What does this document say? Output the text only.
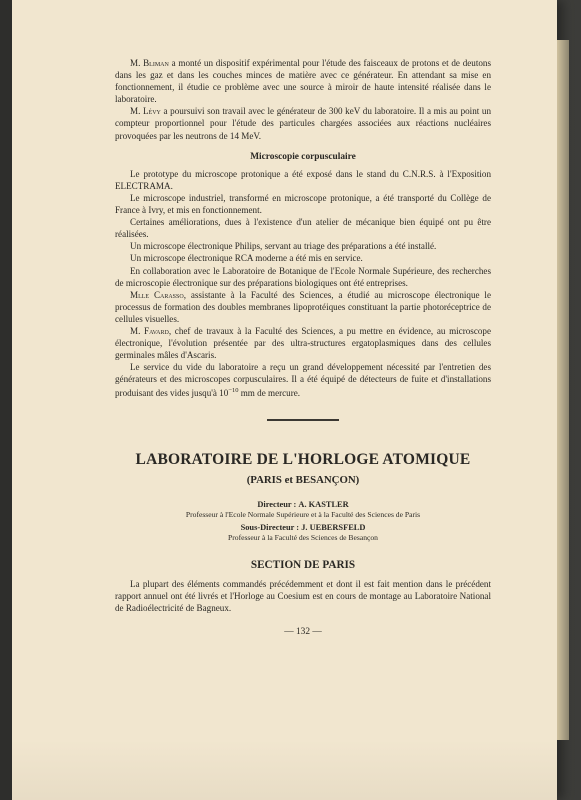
M. Bliman a monté un dispositif expérimental pour l'étude des faisceaux de protons et de deutons dans les gaz et dans les couches minces de matière avec ce générateur. En attendant sa mise en fonctionnement, il étudie ce problème avec une source à miroir de haute intensité réalisée dans le laboratoire.

M. Lévy a poursuivi son travail avec le générateur de 300 keV du laboratoire. Il a mis au point un compteur proportionnel pour l'étude des particules chargées associées aux réactions nucléaires provoquées par les neutrons de 14 MeV.

Microscopie corpusculaire

Le prototype du microscope protonique a été exposé dans le stand du C.N.R.S. à l'Exposition ELECTRAMA.

Le microscope industriel, transformé en microscope protonique, a été transporté du Collège de France à Ivry, et mis en fonctionnement.

Certaines améliorations, dues à l'existence d'un atelier de mécanique bien équipé ont pu être réalisées.

Un microscope électronique Philips, servant au triage des préparations a été installé.

Un microscope électronique RCA moderne a été mis en service.

En collaboration avec le Laboratoire de Botanique de l'Ecole Normale Supérieure, des recherches de microscopie électronique sur des préparations biologiques ont été entreprises.

Mlle Carasso, assistante à la Faculté des Sciences, a étudié au microscope électronique le processus de formation des doubles membranes lipoprotéiques constituant la partie photoréceptrice de cellules visuelles.

M. Favard, chef de travaux à la Faculté des Sciences, a pu mettre en évidence, au microscope électronique, l'évolution présentée par des ultra-structures ergatoplasmiques dans des cellules germinales mâles d'Ascaris.

Le service du vide du laboratoire a reçu un grand développement nécessité par l'entretien des générateurs et des microscopes corpusculaires. Il a été équipé de détecteurs de fuite et d'installations produisant des vides jusqu'à $10^{-10}$ mm de mercure.

LABORATOIRE DE L'HORLOGE ATOMIQUE
(PARIS et BESANÇON)
Directeur : A. KASTLER
Professeur à l'Ecole Normale Supérieure et à la Faculté des Sciences de Paris
Sous-Directeur : J. UEBERSFELD
Professeur à la Faculté des Sciences de Besançon
SECTION DE PARIS

La plupart des éléments commandés précédemment et dont il est fait mention dans le précédent rapport annuel ont été livrés et l'Horloge au Coesium est en cours de montage au Laboratoire National de Radioélectricité de Bagneux.

— 132 —
